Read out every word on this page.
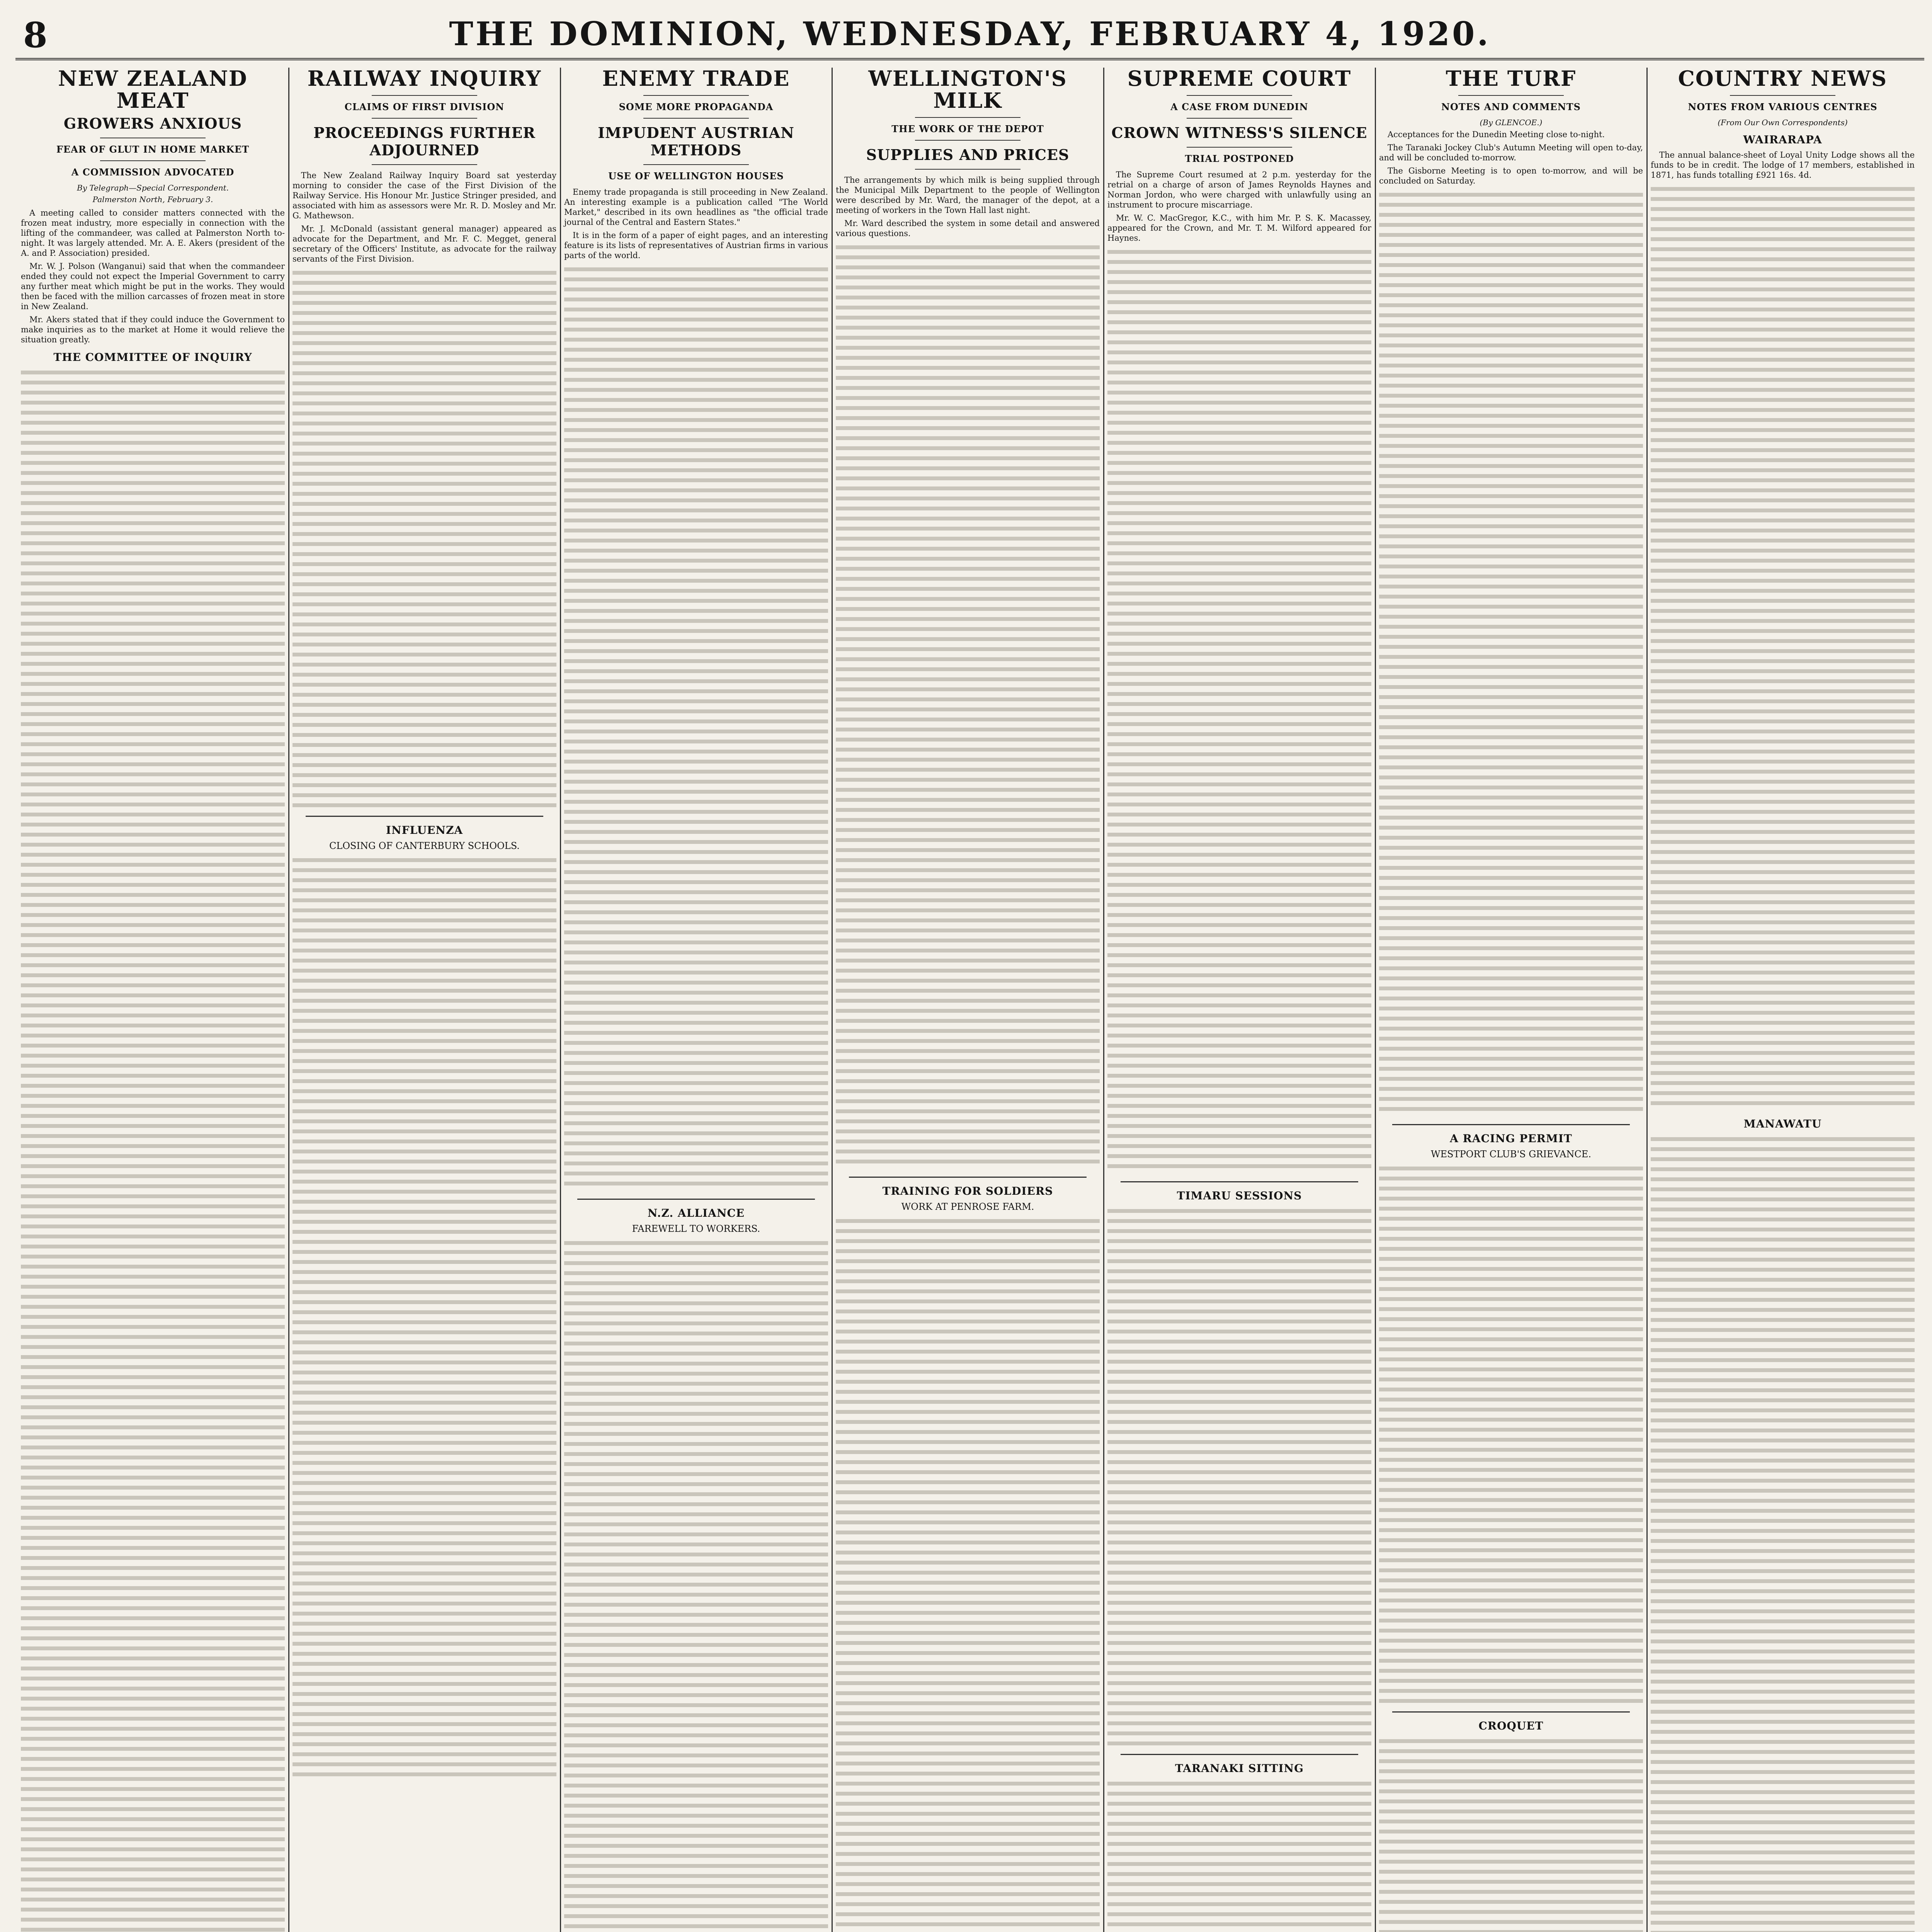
8	THE DOMINION, WEDNESDAY, FEBRUARY 4, 1920.
NEW ZEALAND MEAT
GROWERS ANXIOUS
FEAR OF GLUT IN HOME MARKET
A COMMISSION ADVOCATED
By Telegraph—Special Correspondent.
Palmerston North, February 3.

A meeting called to consider matters connected with the frozen meat industry, more especially in connection with the lifting of the commandeer, was called at Palmerston North to-night. It was largely attended. Mr. A. E. Akers (president of the A. and P. Association) presided.

Mr. W. J. Polson (Wanganui) said that when the commandeer ended they could not expect the Imperial Government to carry any further meat which might be put in the works. They would then be faced with the million carcasses of frozen meat in store in New Zealand.

Mr. Akers stated that if they could induce the Government to make inquiries as to the market at Home it would relieve the situation greatly.

THE COMMITTEE OF INQUIRY
RAILWAY INQUIRY
CLAIMS OF FIRST DIVISION
PROCEEDINGS FURTHER ADJOURNED

The New Zealand Railway Inquiry Board sat yesterday morning to consider the case of the First Division of the Railway Service. His Honour Mr. Justice Stringer presided, and associated with him as assessors were Mr. R. D. Mosley and Mr. G. Mathewson.

Mr. J. McDonald (assistant general manager) appeared as advocate for the Department, and Mr. F. C. Megget, general secretary of the Officers' Institute, as advocate for the railway servants of the First Division.

INFLUENZA
CLOSING OF CANTERBURY SCHOOLS.
ENEMY TRADE
SOME MORE PROPAGANDA
IMPUDENT AUSTRIAN METHODS
USE OF WELLINGTON HOUSES

Enemy trade propaganda is still proceeding in New Zealand. An interesting example is a publication called "The World Market," described in its own headlines as "the official trade journal of the Central and Eastern States."

It is in the form of a paper of eight pages, and an interesting feature is its lists of representatives of Austrian firms in various parts of the world.

N.Z. ALLIANCE
FAREWELL TO WORKERS.
WELLINGTON'S MILK
THE WORK OF THE DEPOT
SUPPLIES AND PRICES

The arrangements by which milk is being supplied through the Municipal Milk Department to the people of Wellington were described by Mr. Ward, the manager of the depot, at a meeting of workers in the Town Hall last night.

Mr. Ward described the system in some detail and answered various questions.

TRAINING FOR SOLDIERS
WORK AT PENROSE FARM.
SUPREME COURT
A CASE FROM DUNEDIN
CROWN WITNESS'S SILENCE
TRIAL POSTPONED

The Supreme Court resumed at 2 p.m. yesterday for the retrial on a charge of arson of James Reynolds Haynes and Norman Jordon, who were charged with unlawfully using an instrument to procure miscarriage.

Mr. W. C. MacGregor, K.C., with him Mr. P. S. K. Macassey, appeared for the Crown, and Mr. T. M. Wilford appeared for Haynes.

TIMARU SESSIONS
TARANAKI SITTING
THE TURF
NOTES AND COMMENTS
(By GLENCOE.)

Acceptances for the Dunedin Meeting close to-night.

The Taranaki Jockey Club's Autumn Meeting will open to-day, and will be concluded to-morrow.

The Gisborne Meeting is to open to-morrow, and will be concluded on Saturday.

A RACING PERMIT
WESTPORT CLUB'S GRIEVANCE.
CROQUET
COUNTRY NEWS
NOTES FROM VARIOUS CENTRES
(From Our Own Correspondents)
WAIRARAPA

The annual balance-sheet of Loyal Unity Lodge shows all the funds to be in credit. The lodge of 17 members, established in 1871, has funds totalling £921 16s. 4d.

MANAWATU
